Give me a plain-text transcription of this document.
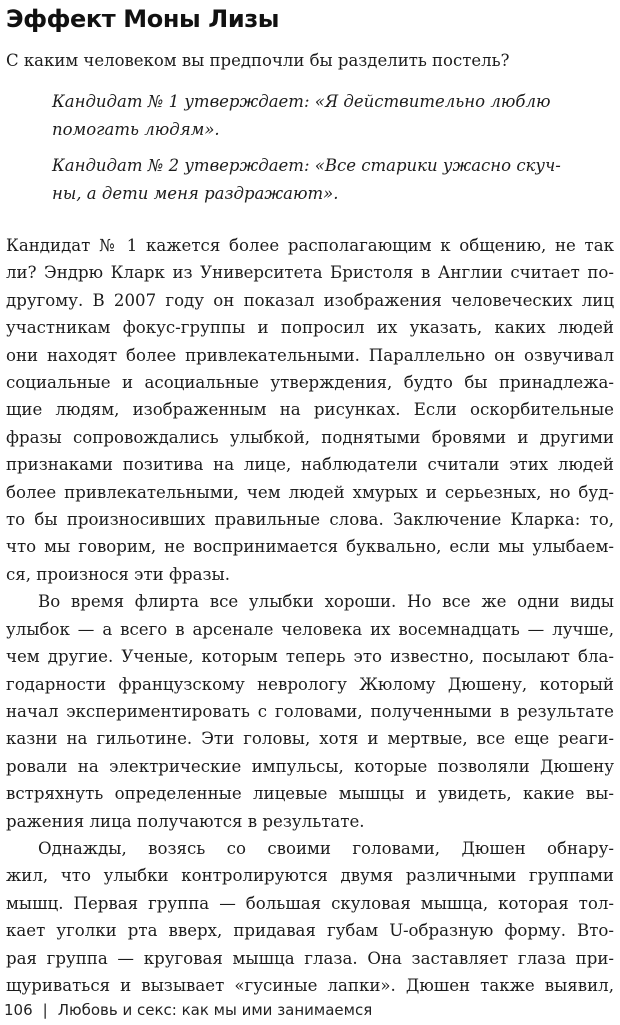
Эффект Моны Лизы

С каким человеком вы предпочли бы разделить постель?

Кандидат № 1 утверждает: «Я действительно люблю
помогать людям».
Кандидат № 2 утверждает: «Все старики ужасно скуч-
ны, а дети меня раздражают».
Кандидат № 1 кажется более располагающим к общению, не так
ли? Эндрю Кларк из Университета Бристоля в Англии считает по-
другому. В 2007 году он показал изображения человеческих лиц
участникам фокус-группы и попросил их указать, каких людей
они находят более привлекательными. Параллельно он озвучивал
социальные и асоциальные утверждения, будто бы принадлежа-
щие людям, изображенным на рисунках. Если оскорбительные
фразы сопровождались улыбкой, поднятыми бровями и другими
признаками позитива на лице, наблюдатели считали этих людей
более привлекательными, чем людей хмурых и серьезных, но буд-
то бы произносивших правильные слова. Заключение Кларка: то,
что мы говорим, не воспринимается буквально, если мы улыбаем-
ся, произнося эти фразы.
Во время флирта все улыбки хороши. Но все же одни виды
улыбок — а всего в арсенале человека их восемнадцать — лучше,
чем другие. Ученые, которым теперь это известно, посылают бла-
годарности французскому неврологу Жюлому Дюшену, который
начал экспериментировать с головами, полученными в результате
казни на гильотине. Эти головы, хотя и мертвые, все еще реаги-
ровали на электрические импульсы, которые позволяли Дюшену
встряхнуть определенные лицевые мышцы и увидеть, какие вы-
ражения лица получаются в результате.
Однажды, возясь со своими головами, Дюшен обнару-
жил, что улыбки контролируются двумя различными группами
мышц. Первая группа — большая скуловая мышца, которая тол-
кает уголки рта вверх, придавая губам U-образную форму. Вто-
рая группа — круговая мышца глаза. Она заставляет глаза при-
щуриваться и вызывает «гусиные лапки». Дюшен также выявил,
106 | Любовь и секс: как мы ими занимаемся
